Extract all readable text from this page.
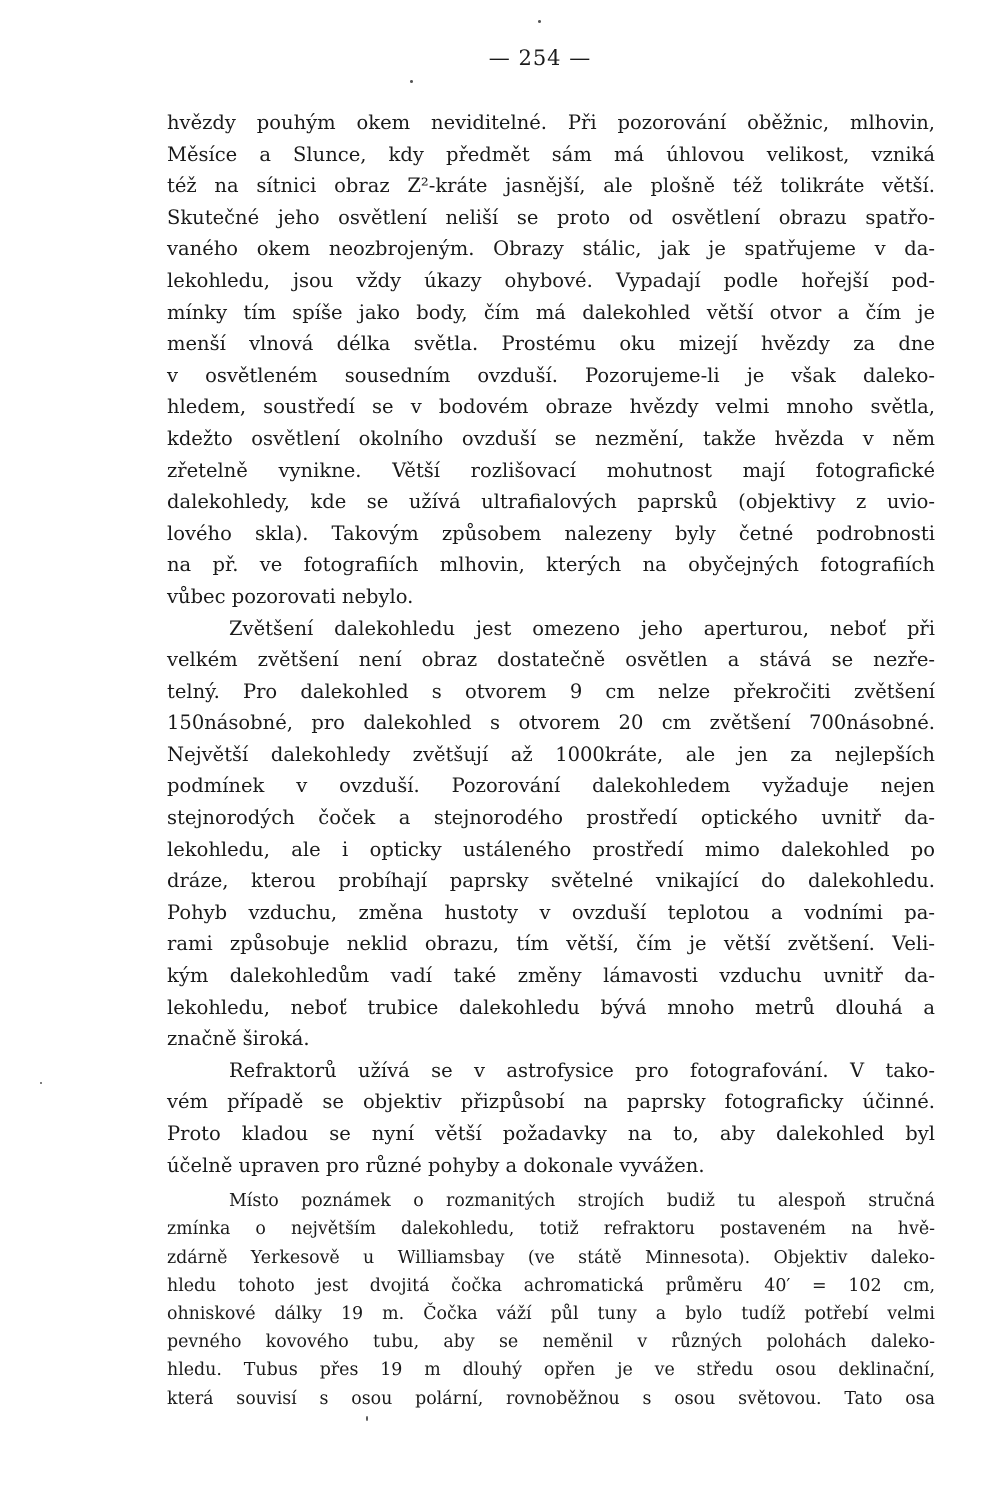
— 254 —
hvězdy pouhým okem neviditelné. Při pozorování oběžnic, mlhovin,
Měsíce a Slunce, kdy předmět sám má úhlovou velikost, vzniká
též na sítnici obraz Z²-kráte jasnější, ale plošně též tolikráte větší.
Skutečné jeho osvětlení neliší se proto od osvětlení obrazu spatřo-
vaného okem neozbrojeným. Obrazy stálic, jak je spatřujeme v da-
lekohledu, jsou vždy úkazy ohybové. Vypadají podle hořejší pod-
mínky tím spíše jako body, čím má dalekohled větší otvor a čím je
menší vlnová délka světla. Prostému oku mizejí hvězdy za dne
v osvětleném sousedním ovzduší. Pozorujeme-li je však daleko-
hledem, soustředí se v bodovém obraze hvězdy velmi mnoho světla,
kdežto osvětlení okolního ovzduší se nezmění, takže hvězda v něm
zřetelně vynikne. Větší rozlišovací mohutnost mají fotografické
dalekohledy, kde se užívá ultrafialových paprsků (objektivy z uvio-
lového skla). Takovým způsobem nalezeny byly četné podrobnosti
na př. ve fotografiích mlhovin, kterých na obyčejných fotografiích
vůbec pozorovati nebylo.
Zvětšení dalekohledu jest omezeno jeho aperturou, neboť při
velkém zvětšení není obraz dostatečně osvětlen a stává se nezře-
telný. Pro dalekohled s otvorem 9 cm nelze překročiti zvětšení
150násobné, pro dalekohled s otvorem 20 cm zvětšení 700násobné.
Největší dalekohledy zvětšují až 1000kráte, ale jen za nejlepších
podmínek v ovzduší. Pozorování dalekohledem vyžaduje nejen
stejnorodých čoček a stejnorodého prostředí optického uvnitř da-
lekohledu, ale i opticky ustáleného prostředí mimo dalekohled po
dráze, kterou probíhají paprsky světelné vnikající do dalekohledu.
Pohyb vzduchu, změna hustoty v ovzduší teplotou a vodními pa-
rami způsobuje neklid obrazu, tím větší, čím je větší zvětšení. Veli-
kým dalekohledům vadí také změny lámavosti vzduchu uvnitř da-
lekohledu, neboť trubice dalekohledu bývá mnoho metrů dlouhá a
značně široká.
Refraktorů užívá se v astrofysice pro fotografování. V tako-
vém případě se objektiv přizpůsobí na paprsky fotograficky účinné.
Proto kladou se nyní větší požadavky na to, aby dalekohled byl
účelně upraven pro různé pohyby a dokonale vyvážen.
Místo poznámek o rozmanitých strojích budiž tu alespoň stručná
zmínka o největším dalekohledu, totiž refraktoru postaveném na hvě-
zdárně Yerkesově u Williamsbay (ve státě Minnesota). Objektiv daleko-
hledu tohoto jest dvojitá čočka achromatická průměru 40′ = 102 cm,
ohniskové dálky 19 m. Čočka váží půl tuny a bylo tudíž potřebí velmi
pevného kovového tubu, aby se neměnil v různých polohách daleko-
hledu. Tubus přes 19 m dlouhý opřen je ve středu osou deklinační,
která souvisí s osou polární, rovnoběžnou s osou světovou. Tato osa
